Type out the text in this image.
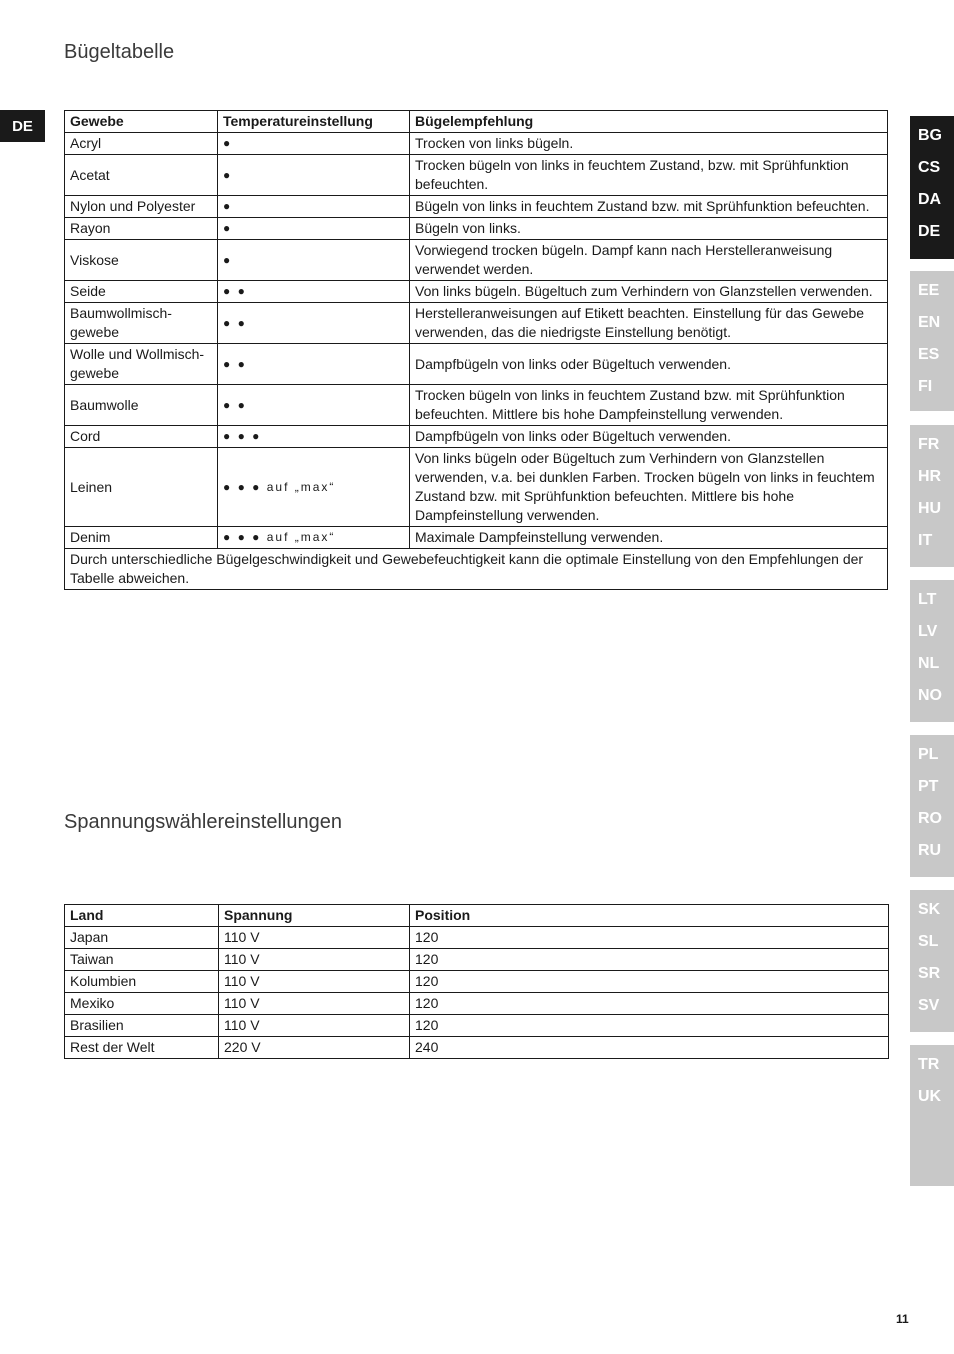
Bügeltabelle
DE	Gewebe	Temperatureinstellung	Bügelempfehlung
Acryl	●	Trocken von links bügeln.
Acetat	●	Trocken bügeln von links in feuchtem Zustand, bzw. mit Sprühfunktion befeuchten.
Nylon und Polyester	●	Bügeln von links in feuchtem Zustand bzw. mit Sprühfunktion befeuchten.
Rayon	●	Bügeln von links.
Viskose	●	Vorwiegend trocken bügeln. Dampf kann nach Herstelleranweisung verwendet werden.
Seide	● ●	Von links bügeln. Bügeltuch zum Verhindern von Glanzstellen verwenden.
Baumwollmisch-gewebe	● ●	Herstelleranweisungen auf Etikett beachten. Einstellung für das Gewebe verwenden, das die niedrigste Einstellung benötigt.
Wolle und Wollmisch-gewebe	● ●	Dampfbügeln von links oder Bügeltuch verwenden.
Baumwolle	● ●	Trocken bügeln von links in feuchtem Zustand bzw. mit Sprühfunktion befeuchten. Mittlere bis hohe Dampfeinstellung verwenden.
Cord	● ● ●	Dampfbügeln von links oder Bügeltuch verwenden.
Leinen	● ● ● auf „max“	Von links bügeln oder Bügeltuch zum Verhindern von Glanzstellen verwenden, v.a. bei dunklen Farben. Trocken bügeln von links in feuchtem Zustand bzw. mit Sprühfunktion befeuchten. Mittlere bis hohe Dampfeinstellung verwenden.
Denim	● ● ● auf „max“	Maximale Dampfeinstellung verwenden.
Durch unterschiedliche Bügelgeschwindigkeit und Gewebefeuchtigkeit kann die optimale Einstellung von den Empfehlungen der Tabelle abweichen.		
Spannungswählereinstellungen
Land	Spannung	Position
Japan	110 V	120
Taiwan	110 V	120
Kolumbien	110 V	120
Mexiko	110 V	120
Brasilien	110 V	120
Rest der Welt	220 V	240
BG
CS
DA
DE
EE
EN
ES
FI
FR
HR
HU
IT
LT
LV
NL
NO
PL
PT
RO
RU
SK
SL
SR
SV
TR
UK
11
